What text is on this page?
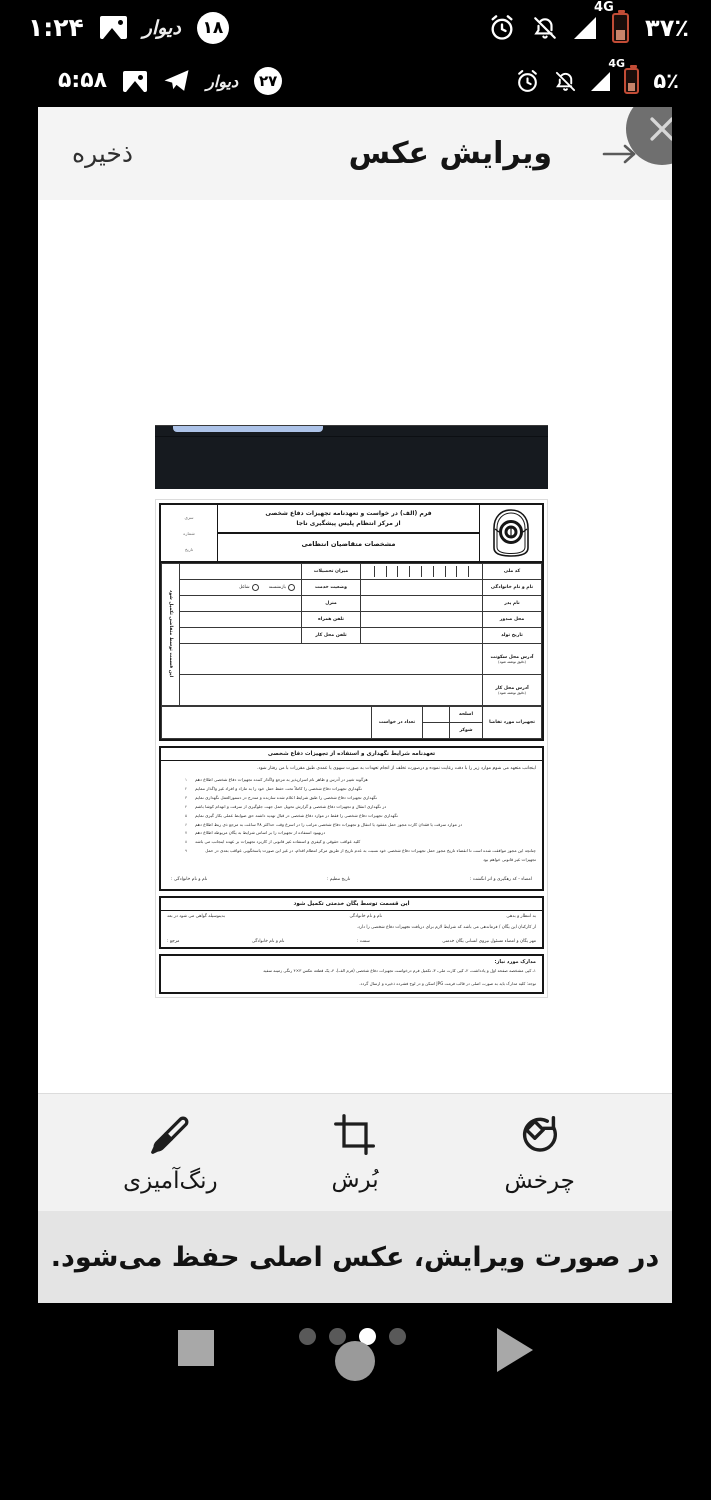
۳۷٪
4G
۱۸
دیوار
۱:۲۴
۵٪
4G
۲۷
دیوار
۵:۵۸
ویرایش عکس
ذخیره
فرم (الف) در خواست و تعهدنامه تجهیزات دفاع شخصی
از مرکز انتظام پلیس پیشگیری ناجا
مشخصات متقاضیان انتظامی
سری
شماره
تاریخ
کد ملی		میزان تحصیلات		این قسمت توسط متقاضی تکمیل شود
نام و نام خانوادگی		وضعیت خدمت	بازنشسته
شاغل	

نام پدر		منزل		
محل صدور		تلفن همراه		
تاریخ تولد		تلفن محل کار		
آدرس محل سکونت
(دقیق نوشته شود)				

آدرس محل کار
(دقیق نوشته شود)				

تجهیزات مورد تقاضا	اسلحه		تعداد در خواست	
	شوکر			
تعهدنامه شرایط نگهداری و استفاده از تجهیزات دفاع شخصی
اینجانب متعهد می شوم موارد زیر را با دقت رعایت نموده و درصورت تخلف از انجام تعهدات به صورت سهوی یا عمدی طبق مقررات با من رفتار شود.
هرگونه تغییر در آدرس و ظاهر نام اسرارپذیر به مرجع واگذار کننده تجهیزات دفاع شخصی اطلاع دهم
۱
نگهداری تجهیزات دفاع شخصی را کاملاً تحت حفظ حمل خود را به مازاد و افراد غیر واگذار ننمایم
۲
نگهداری تجهیزات دفاع شخصی را طبق شرایط اعلام شده سازنده و مندرج در دستورالعمل نگهداری نمایم
۳
در نگهداری انتقال و تجهیزات دفاع شخصی و گزارش تحویل حمل جهت جلوگیری از سرقت و انهدام کوشا باشم
۴
نگهداری تجهیزات دفاع شخصی را فقط در موارد دفاع شخصی در قبال تهدید داشته حق ضوابط عملی بکار گیری نمایم
۵
در موارد سرقت یا فقدان کارت مجوز حمل مفقود یا انتقال و تجهیزات دفاع شخصی مراتب را در اسرع وقت حداکثر ۴۸ ساعت به مرجع ذی ربط اطلاع دهم
۶
دربهبود استفاده از تجهیزات را بر اساس شرایط به یگان مربوطه اطلاع دهم
۷
کلیه عواقب حقوقی و کیفری و استفاده غیر قانونی از کاربرد تجهیزات بر عهده اینجانب می باشد
۸
چنانچه این مجوز موافقت شده است تا انقضاء تاریخ مجوز حمل تجهیزات دفاع شخصی خود نسبت به عدم تاریخ از طریق مرکز انتظام اقدام، در غیر این صورت پاسخگویی عواقب بعدی در حمل تجهیزات غیر قانونی خواهم بود
۹
امضاء - کد رهگیری و اثر انگشت :
تاریخ تنظیم :
نام و نام خانوادگی :
این قسمت توسط یگان خدمتی تکمیل شود
به انتظار و بدهی
نام و نام خانوادگی
بدینوسیله گواهی می شود در بعد
از کارکنان این یگان / فرماندهی می باشد که شرایط لازم برای دریافت تجهیزات دفاع شخصی را دارد.
مهر یگان و امضاء مسئول نیروی انسانی یگان خدمتی
سمت :
نام و نام خانوادگی
مرجع :
مدارک مورد نیاز:
۱ـ کپی مشخصه صفحه اول و یادداشت، ۲ـ کپی کارت ملی، ۳ـ تکمیل فرم درخواست تجهیزات دفاع شخصی (فرم الف)، ۴ـ یک قطعه عکس ۳×۴ رنگی زمینه سفید
توجه: کلیه مدارک باید به صورت اصلی در قالب فرمت JPG اسکن و در لوح فشرده ذخیره و ارسال گردد.
چرخش
بُرش
رنگ‌آمیزی
در صورت ویرایش، عکس اصلی حفظ می‌شود.
